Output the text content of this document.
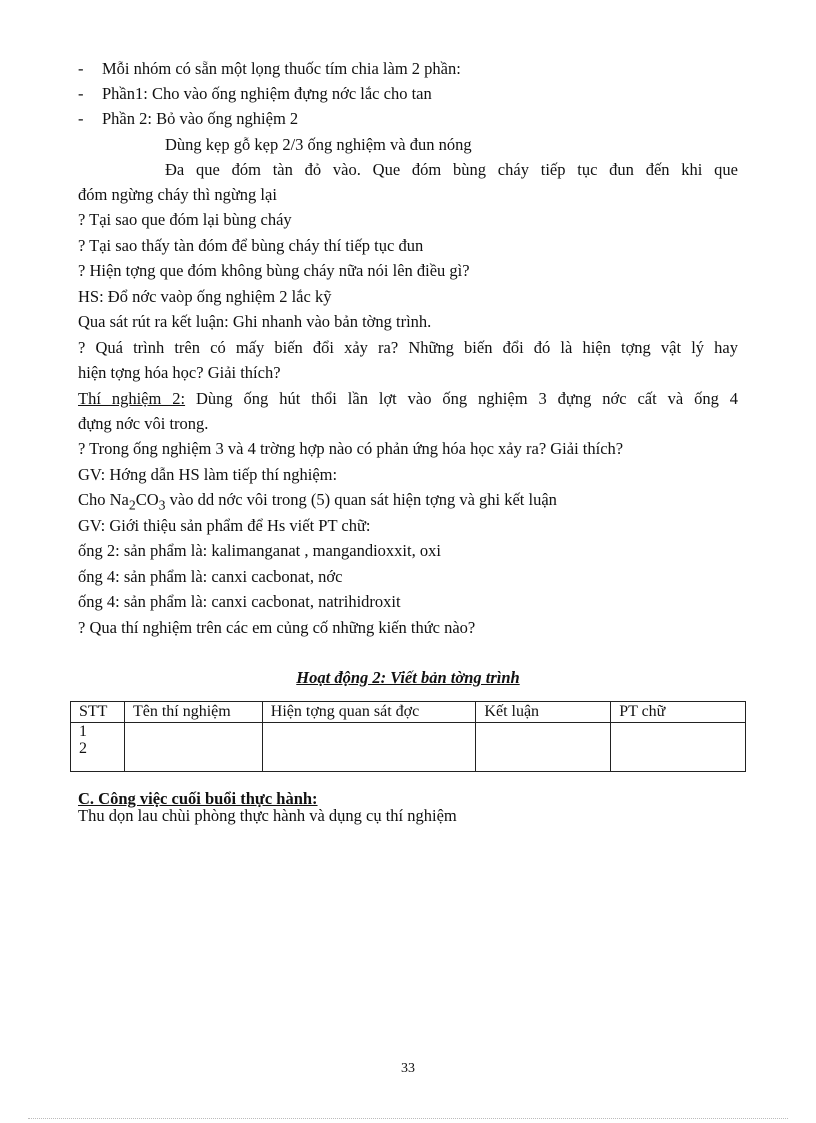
- Mỗi nhóm có sẵn một lọng thuốc tím chia làm 2 phần:
- Phần1: Cho vào ống nghiệm đựng nớc lắc cho tan
- Phần 2: Bỏ vào ống nghiệm 2
Dùng kẹp gỗ kẹp 2/3 ống nghiệm và đun nóng
Đa que đóm tàn đỏ vào. Que đóm bùng cháy tiếp tục đun đến khi que
đóm ngừng cháy thì ngừng lại
? Tại sao que đóm lại bùng cháy
? Tại sao thấy tàn đóm để bùng cháy thí tiếp tục đun
? Hiện tợng que đóm không bùng cháy nữa nói lên điều gì?
HS: Đổ nớc vaòp ống nghiệm 2 lắc kỹ
Qua sát rút ra kết luận: Ghi nhanh vào bản tờng trình.
? Quá trình trên có mấy biến đổi xảy ra? Những biến đổi đó là hiện tợng vật lý hay
hiện tợng hóa học? Giải thích?
Thí nghiệm 2: Dùng ống hút thổi lần lợt vào ống nghiệm 3 đựng nớc cất và ống 4
đựng nớc vôi trong.
? Trong ống nghiệm 3 và 4 trờng hợp nào có phản ứng hóa học xảy ra? Giải thích?
GV: Hớng dẫn HS làm tiếp thí nghiệm:
Cho $Na_2CO_3$ vào dd nớc vôi trong (5) quan sát hiện tợng và ghi kết luận
GV: Giới thiệu sản phẩm để Hs viết PT chữ:
ống 2: sản phẩm là: kalimanganat , mangandioxxit, oxi
ống 4: sản phẩm là: canxi cacbonat, nớc
ống 4: sản phẩm là: canxi cacbonat, natrihidroxit
? Qua thí nghiệm trên các em củng cố những kiến thức nào?
Hoạt động 2: Viết bản tờng trình
STT	Tên thí nghiệm	Hiện tợng quan sát đợc	Kết luận	PT chữ

1
2				

C. Công việc cuối buổi thực hành:
Thu dọn lau chùi phòng thực hành và dụng cụ thí nghiệm
33
